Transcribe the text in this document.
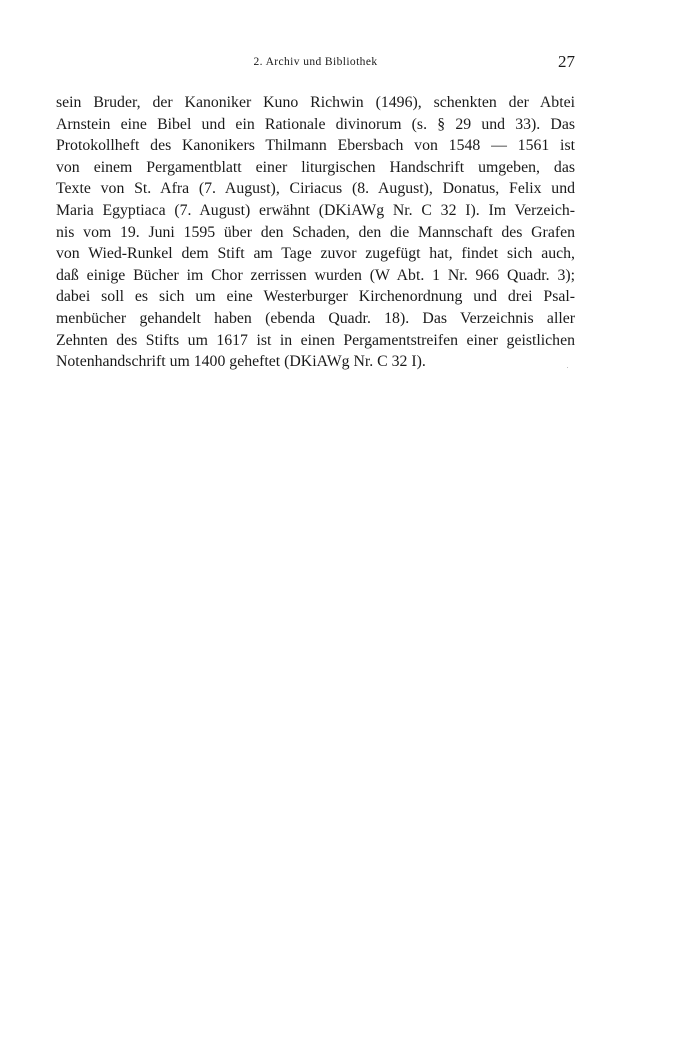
2. Archiv und Bibliothek	27
sein Bruder, der Kanoniker Kuno Richwin (1496), schenkten der Abtei
Arnstein eine Bibel und ein Rationale divinorum (s. § 29 und 33). Das
Protokollheft des Kanonikers Thilmann Ebersbach von 1548 — 1561 ist
von einem Pergamentblatt einer liturgischen Handschrift umgeben, das
Texte von St. Afra (7. August), Ciriacus (8. August), Donatus, Felix und
Maria Egyptiaca (7. August) erwähnt (DKiAWg Nr. C 32 I). Im Verzeich-
nis vom 19. Juni 1595 über den Schaden, den die Mannschaft des Grafen
von Wied-Runkel dem Stift am Tage zuvor zugefügt hat, findet sich auch,
daß einige Bücher im Chor zerrissen wurden (W Abt. 1 Nr. 966 Quadr. 3);
dabei soll es sich um eine Westerburger Kirchenordnung und drei Psal-
menbücher gehandelt haben (ebenda Quadr. 18). Das Verzeichnis aller
Zehnten des Stifts um 1617 ist in einen Pergamentstreifen einer geistlichen
Notenhandschrift um 1400 geheftet (DKiAWg Nr. C 32 I).
